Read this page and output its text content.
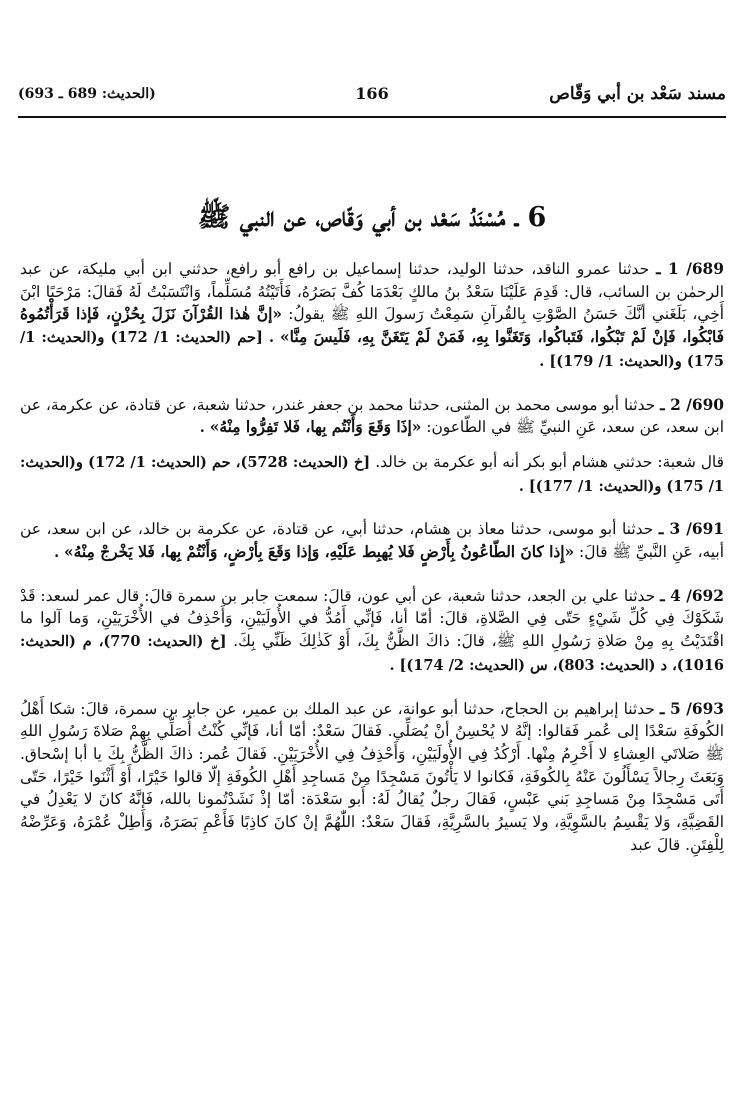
(الحديث: 689 ـ 693)	166	مسند سَعْد بن أبي وَقّاص
6 ـ مُسْنَدُ سَعْد بن أبي وَقّاص، عن النبي ﷺ

689/ 1 ـ حدثنا عمرو الناقد، حدثنا الوليد، حدثنا إسماعيل بن رافع أبو رافع، حدثني ابن أبي مليكة، عن عبد الرحمٰن بن السائب، قال: قَدِمَ عَلَيْنَا سَعْدُ بنُ مالكٍ بَعْدَمَا كُفَّ بَصَرُهُ، فَأَتَيْتُهُ مُسَلِّماً، وَانْتَسَبْتُ لَهُ فَقالَ: مَرْحَبًا ابْنَ أَخِي، بَلَغَني أنَّكَ حَسَنُ الصَّوْتِ بِالقُرآنِ سَمِعْتُ رَسولَ اللهِ ﷺ يقولُ: «إنَّ هٰذا القُرْآنَ نَزَلَ بِحُزْنٍ، فَإذا قَرَأْتُمُوهُ فَابْكُوا، فَإنْ لَمْ تَبْكُوا، فَتَباكُوا، وَتَغَنَّوا بِهِ، فَمَنْ لَمْ يَتَغَنَّ بِهِ، فَلَيسَ مِنَّا» . [حم (الحديث: 1/ 172) و(الحديث: 1/ 175) و(الحديث: 1/ 179)] .

690/ 2 ـ حدثنا أبو موسى محمد بن المثنى، حدثنا محمد بن جعفر غندر، حدثنا شعبة، عن قتادة، عن عكرمة، عن ابن سعد، عن سعد، عَنِ النبيِّ ﷺ في الطّاعون: «إذَا وَقَعَ وَأَنْتُم بِها، فَلا تَفِرُّوا مِنْهُ» .

قال شعبة: حدثني هشام أبو بكر أنه أبو عكرمة بن خالد. [خ (الحديث: 5728)، حم (الحديث: 1/ 172) و(الحديث: 1/ 175) و(الحديث: 1/ 177)] .

691/ 3 ـ حدثنا أبو موسى، حدثنا معاذ بن هشام، حدثنا أبي، عن قتادة، عن عكرمة بن خالد، عن ابن سعد، عن أبيه، عَنِ النَّبيِّ ﷺ قالَ: «إِذا كانَ الطّاعُونُ بِأَرْضٍ فَلا يُهبِط عَلَيْهِ، وَإذا وَقَعَ بِأرْضٍ، وَأَنْتُمْ بِها، فَلا يَخْرجْ مِنْهُ» .

692/ 4 ـ حدثنا علي بن الجعد، حدثنا شعبة، عن أبي عون، قالَ: سمعت جابر بن سمرة قالَ: قال عمر لسعد: قَدْ شَكَوْكَ فِي كُلِّ شَيْءٍ حَتّى فِي الصَّلاةِ، قالَ: أمّا أنا، فَإنِّي أَمُدُّ في الأُولَيَيْنِ، وَأَحْذِفُ في الأُخْرَيَيْنِ، وَما آلوا ما اقْتَدَيْتُ بِهِ مِنْ صَلاةِ رَسُولِ اللهِ ﷺ، قالَ: ذاكَ الظَّنُّ بِكَ، أَوْ كَذٰلِكَ ظَنِّي بِكَ. [خ (الحديث: 770)، م (الحديث: 1016)، د (الحديث: 803)، س (الحديث: 2/ 174)] .

693/ 5 ـ حدثنا إبراهيم بن الحجاج، حدثنا أبو عوانة، عن عبد الملك بن عمير، عن جابر بن سمرة، قالَ: شكا أَهْلُ الكُوفَةِ سَعْدًا إلى عُمر فَقالوا: إنَّهُ لا يُحْسِنُ أنْ يُصَلِّي. فَقالَ سَعْدٌ: أمّا أنا، فَإنِّي كُنْتُ أُصَلِّي بِهِمْ صَلاةَ رَسُولِ اللهِ ﷺ صَلاتَي العِشاءِ لا أَخْرِمُ مِنْها. أَرْكُدُ فِي الأُولَيَيْنِ، وَأَحْذِفُ فِي الأُخْرَيَيْنِ. فَقالَ عُمر: ذاكَ الظَّنُّ بِكَ يا أبا إسْحاق. وَبَعَثَ رِجالاً يَسْأَلُونَ عَنْهُ بِالكُوفَةِ، فَكانوا لا يَأْتُونَ مَسْجِدًا مِنْ مَساجِدِ أَهْلِ الكُوفَةِ إلّا قالوا خَيْرًا، أَوْ أَثْنَوا خَيْرًا، حَتّى أَتَى مَسْجِدًا مِنْ مَساجِدِ بَني عَبْسٍ، فَقالَ رجلٌ يُقالُ لَهُ: أَبو سَعْدَة: أمّا إذْ نَشَدْتُمونا بالله، فَإنَّهُ كانَ لا يَعْدِلُ في القَضِيَّةِ، وَلا يَقْسِمُ بالسَّوِيَّةِ، ولا يَسيرُ بالسَّرِيَّةِ، فَقالَ سَعْدٌ: اللّٰهُمَّ إنْ كانَ كاذِبًا فَأَعْمِ بَصَرَهُ، وَأَطِلْ عُمْرَهُ، وَعَرِّضْهُ لِلْفِتَنِ. قالَ عبد
